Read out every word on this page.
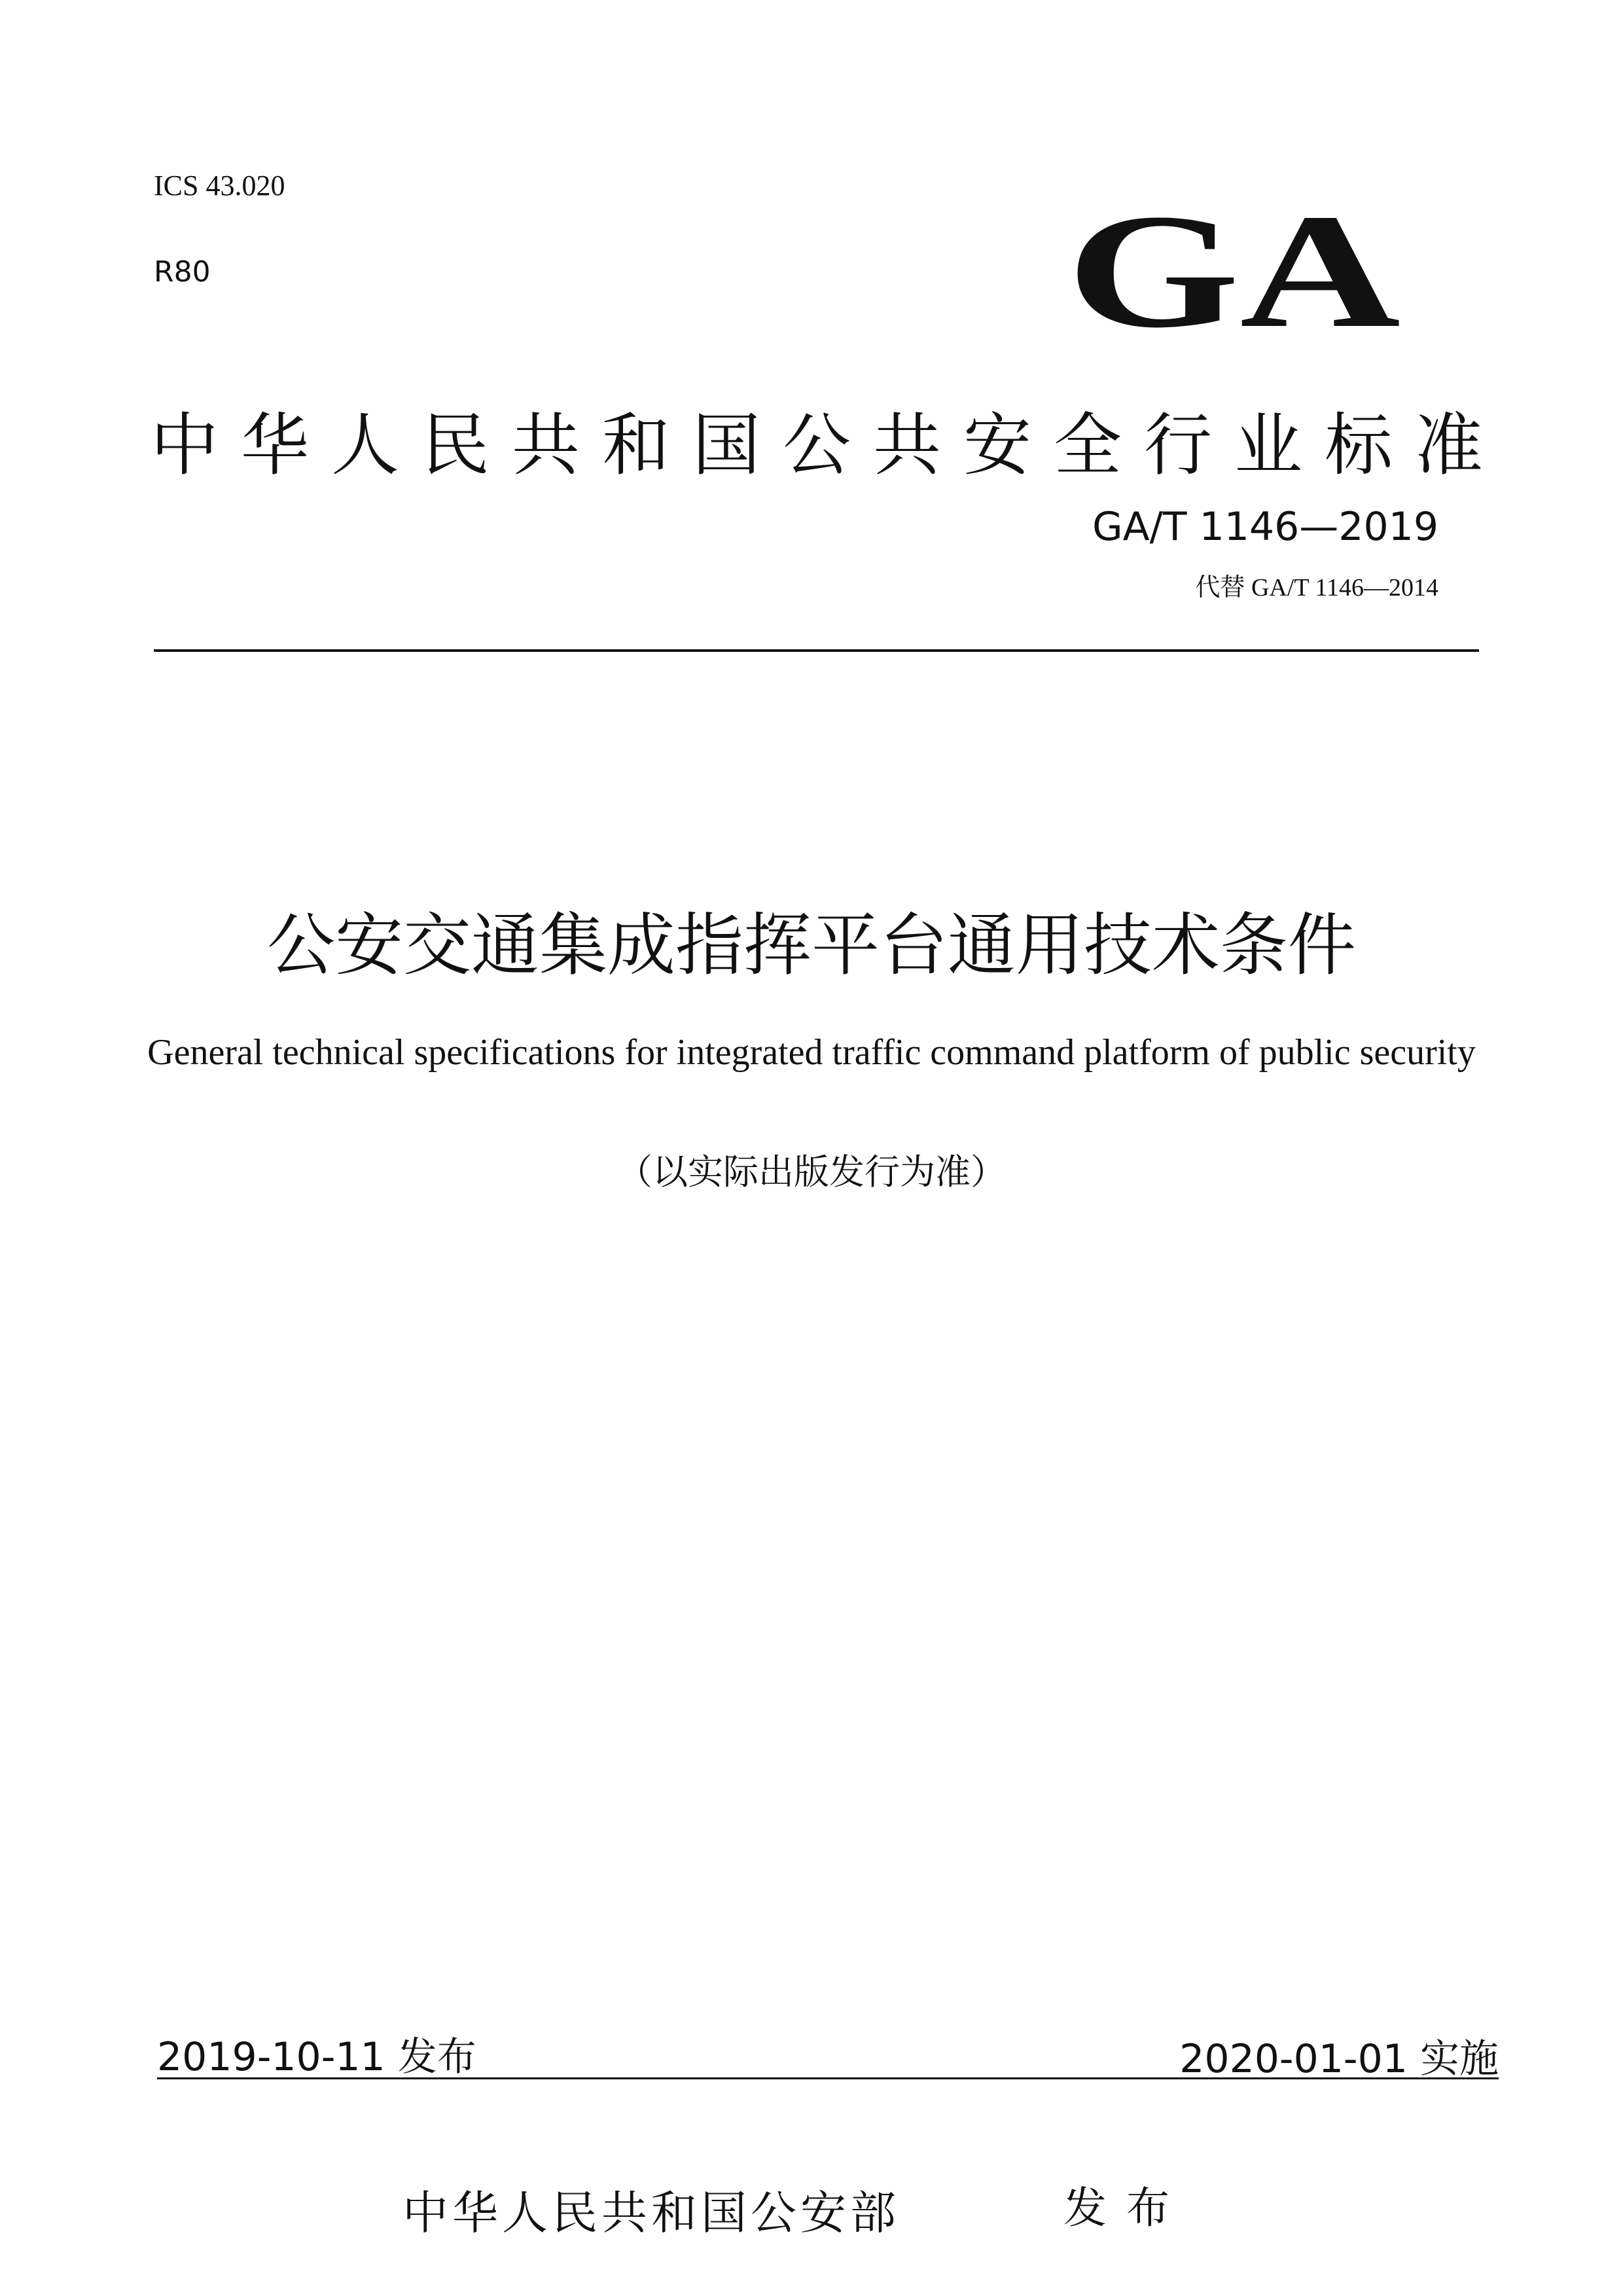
ICS 43.020
R80	GA
中华人民共和国公共安全行业标准
GA/T 1146—2019
代替 GA/T 1146—2014
公安交通集成指挥平台通用技术条件
General technical specifications for integrated traffic command platform of public security
（以实际出版发行为准）
2019-10-11 发布	2020-01-01 实施
中华人民共和国公安部	发布
